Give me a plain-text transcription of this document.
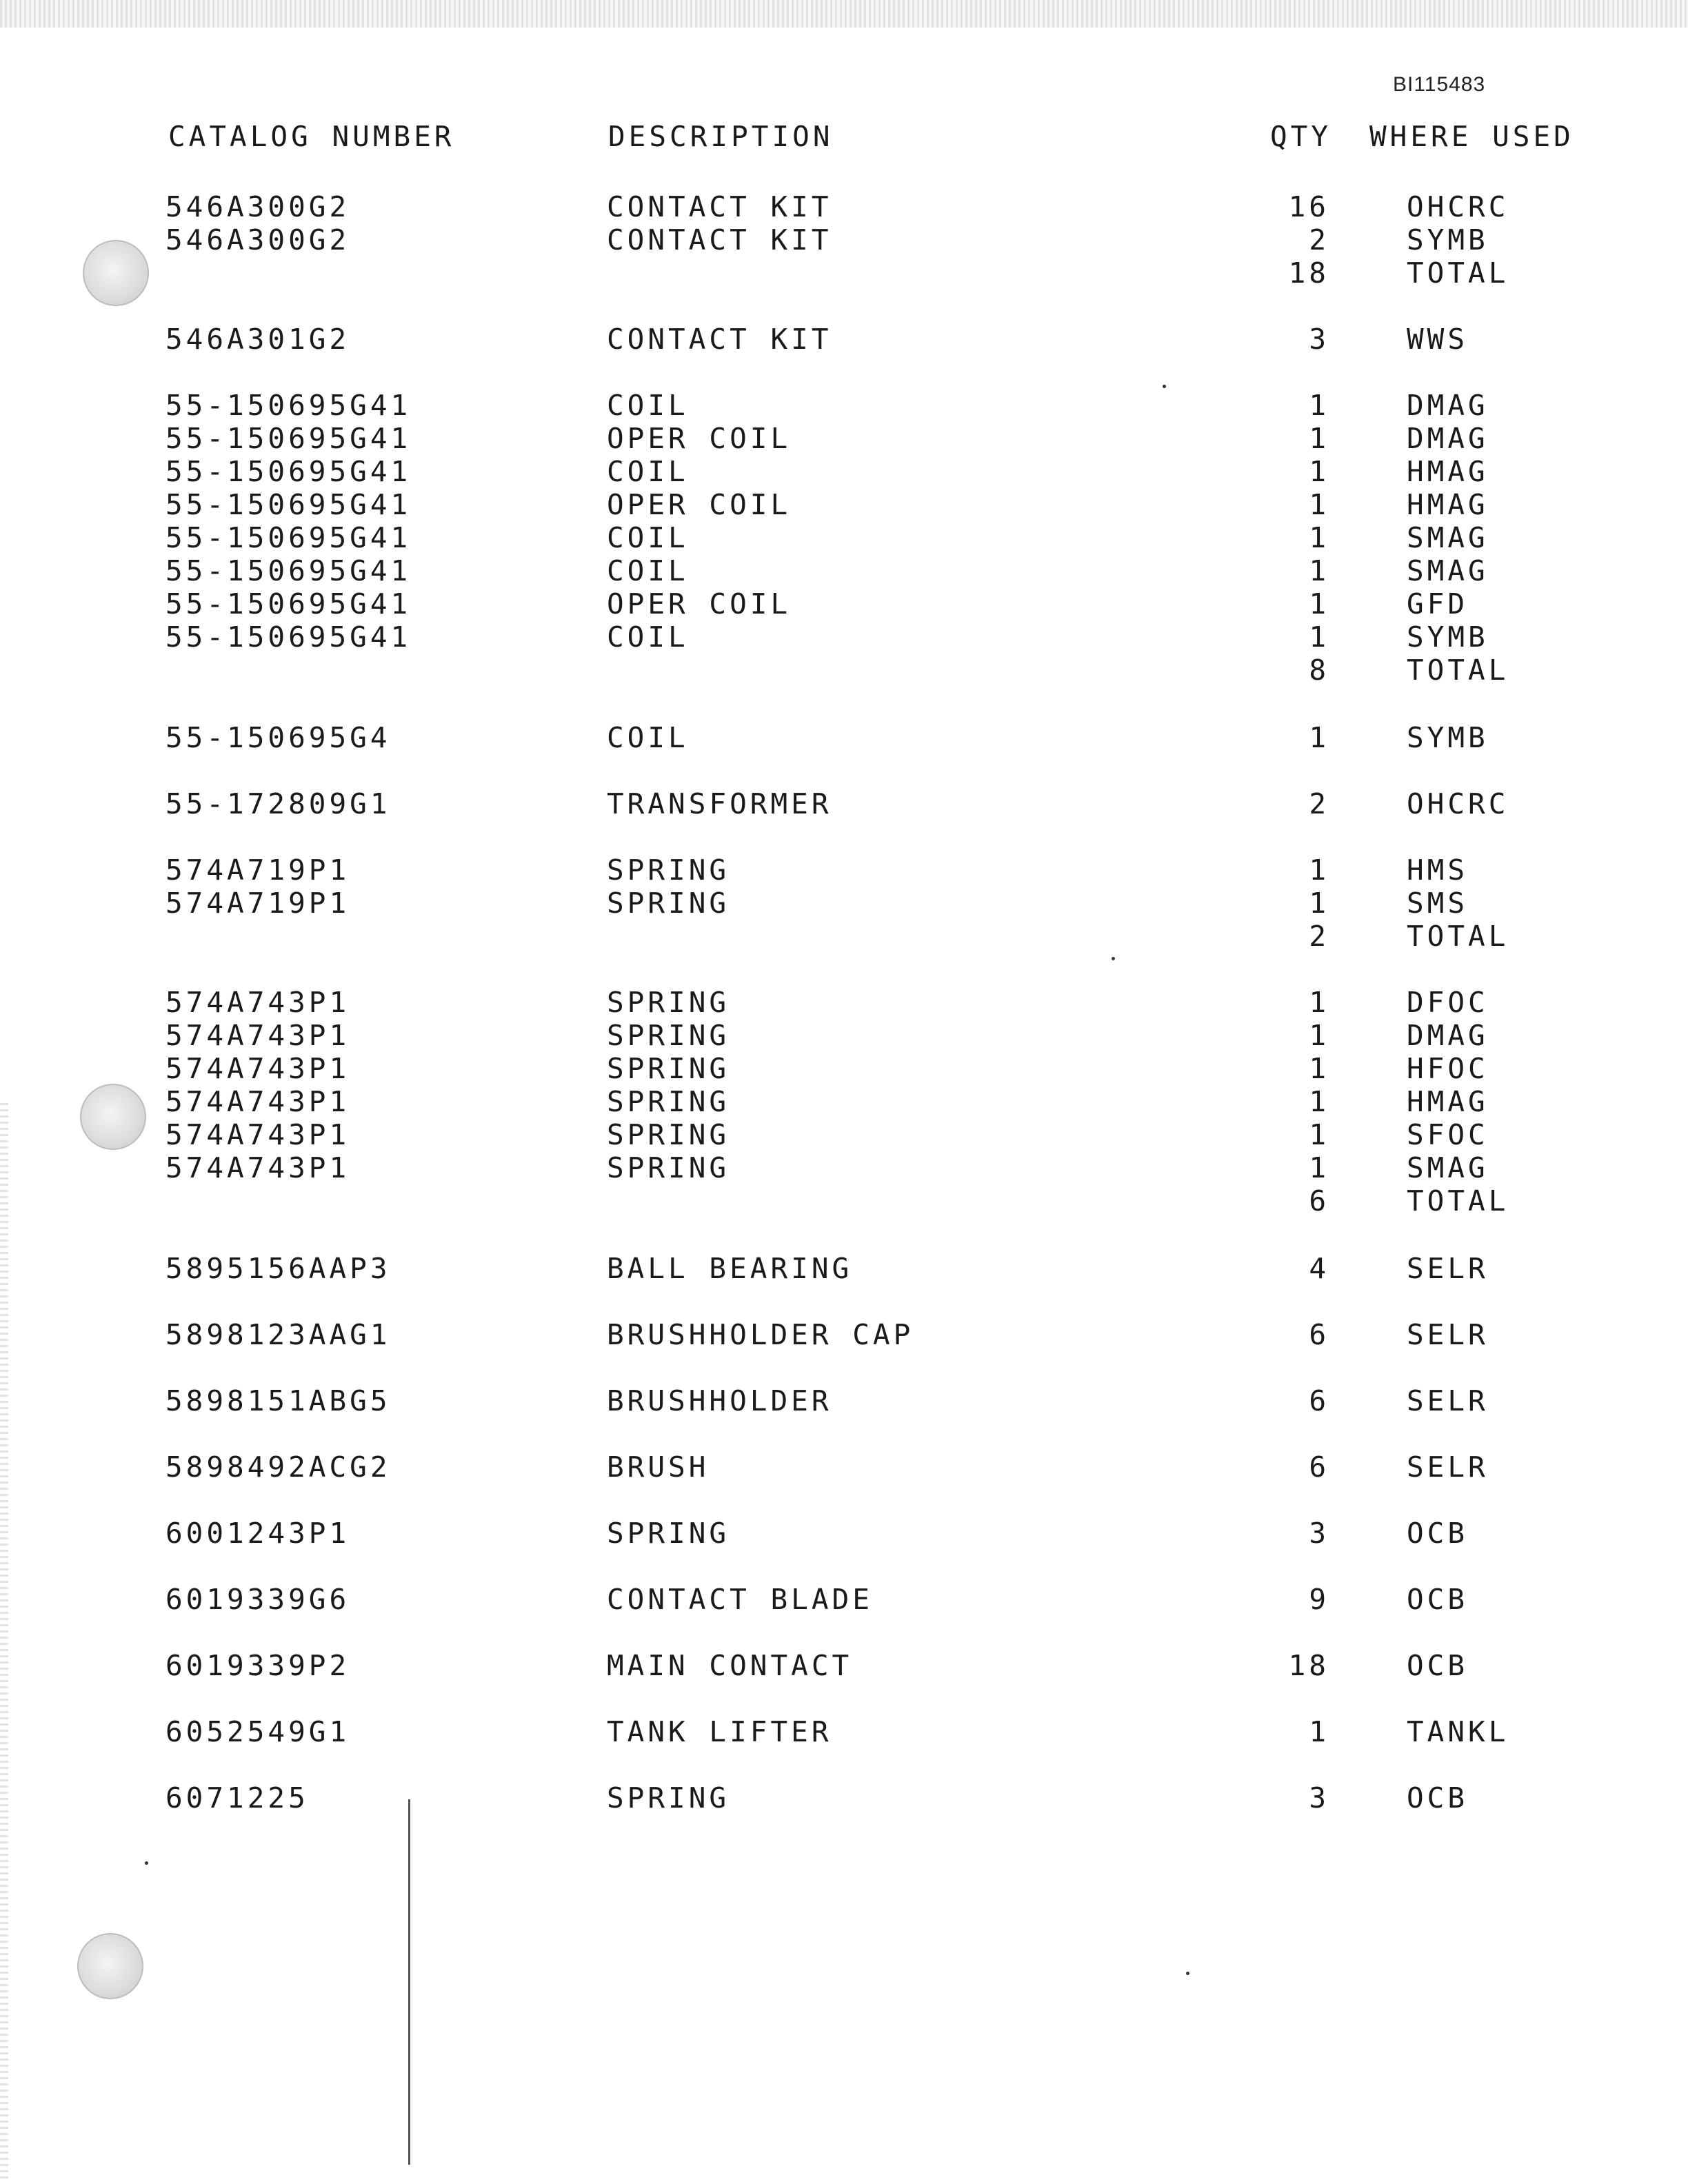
BI115483
CATALOG NUMBER	DESCRIPTION	QTY WHERE USED
546A300G2	CONTACT KIT	16	OHCRC
546A300G2	CONTACT KIT	2	SYMB
18	TOTAL
546A301G2	CONTACT KIT	3	WWS
55-150695G41	COIL	1	DMAG
55-150695G41	OPER COIL	1	DMAG
55-150695G41	COIL	1	HMAG
55-150695G41	OPER COIL	1	HMAG
55-150695G41	COIL	1	SMAG
55-150695G41	COIL	1	SMAG
55-150695G41	OPER COIL	1	GFD
55-150695G41	COIL	1	SYMB
8	TOTAL
55-150695G4	COIL	1	SYMB
55-172809G1	TRANSFORMER	2	OHCRC
574A719P1	SPRING	1	HMS
574A719P1	SPRING	1	SMS
2	TOTAL
574A743P1	SPRING	1	DFOC
574A743P1	SPRING	1	DMAG
574A743P1	SPRING	1	HFOC
574A743P1	SPRING	1	HMAG
574A743P1	SPRING	1	SFOC
574A743P1	SPRING	1	SMAG
6	TOTAL
5895156AAP3	BALL BEARING	4	SELR
5898123AAG1	BRUSHHOLDER CAP	6	SELR
5898151ABG5	BRUSHHOLDER	6	SELR
5898492ACG2	BRUSH	6	SELR
6001243P1	SPRING	3	OCB
6019339G6	CONTACT BLADE	9	OCB
6019339P2	MAIN CONTACT	18	OCB
6052549G1	TANK LIFTER	1	TANKL
6071225	SPRING	3	OCB
